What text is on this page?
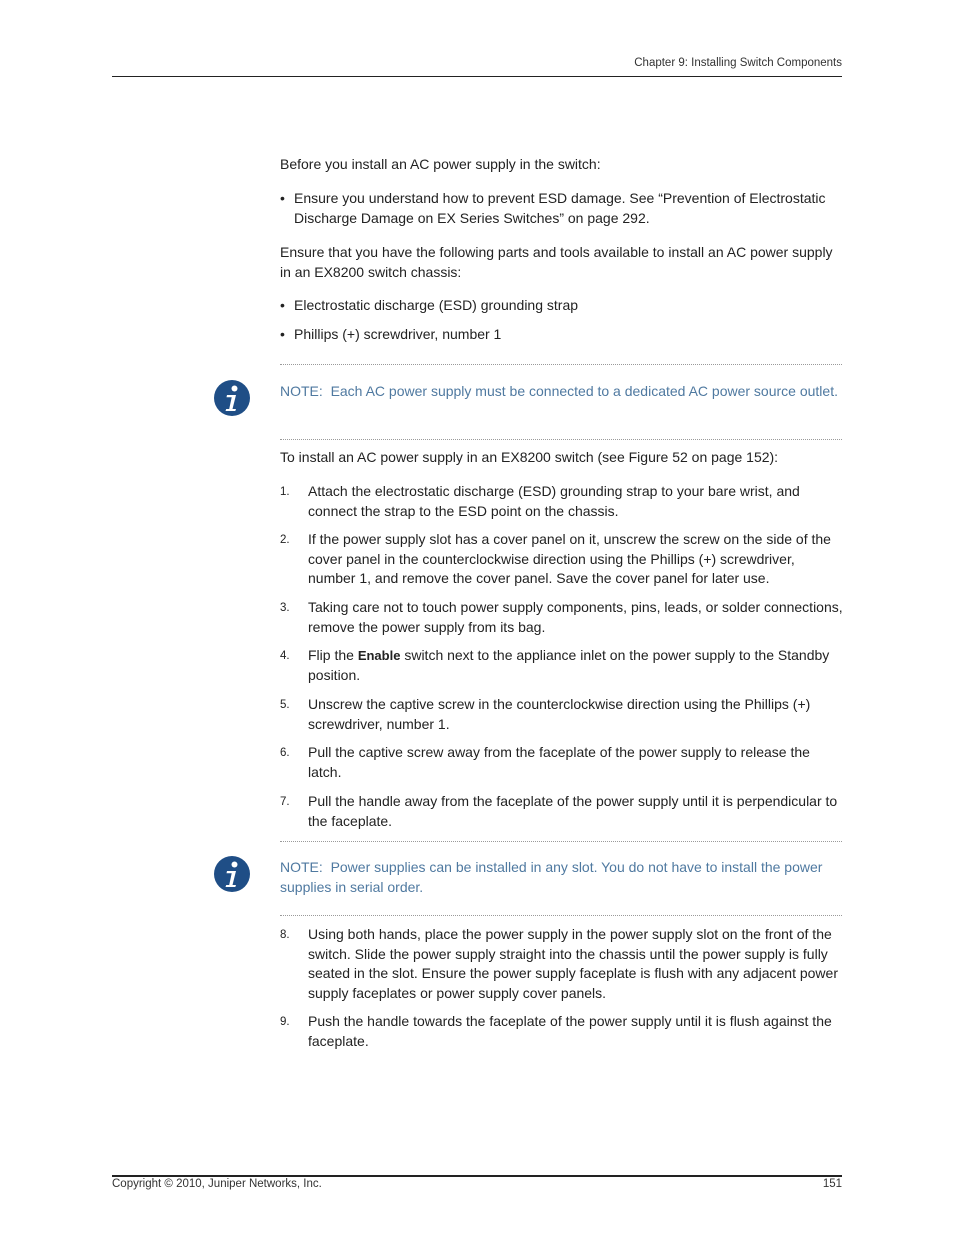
Chapter 9: Installing Switch Components

Before you install an AC power supply in the switch:

• Ensure you understand how to prevent ESD damage. See “Prevention of Electrostatic Discharge Damage on EX Series Switches” on page 292.

Ensure that you have the following parts and tools available to install an AC power supply in an EX8200 switch chassis:

• Electrostatic discharge (ESD) grounding strap
• Phillips (+) screwdriver, number 1
NOTE: Each AC power supply must be connected to a dedicated AC power source outlet.

To install an AC power supply in an EX8200 switch (see Figure 52 on page 152):

1. Attach the electrostatic discharge (ESD) grounding strap to your bare wrist, and connect the strap to the ESD point on the chassis.
2. If the power supply slot has a cover panel on it, unscrew the screw on the side of the cover panel in the counterclockwise direction using the Phillips (+) screwdriver, number 1, and remove the cover panel. Save the cover panel for later use.
3. Taking care not to touch power supply components, pins, leads, or solder connections, remove the power supply from its bag.
4. Flip the Enable switch next to the appliance inlet on the power supply to the Standby position.
5. Unscrew the captive screw in the counterclockwise direction using the Phillips (+) screwdriver, number 1.
6. Pull the captive screw away from the faceplate of the power supply to release the latch.
7. Pull the handle away from the faceplate of the power supply until it is perpendicular to the faceplate.
NOTE: Power supplies can be installed in any slot. You do not have to install the power supplies in serial order.
8. Using both hands, place the power supply in the power supply slot on the front of the switch. Slide the power supply straight into the chassis until the power supply is fully seated in the slot. Ensure the power supply faceplate is flush with any adjacent power supply faceplates or power supply cover panels.
9. Push the handle towards the faceplate of the power supply until it is flush against the faceplate.
Copyright © 2010, Juniper Networks, Inc.	151
